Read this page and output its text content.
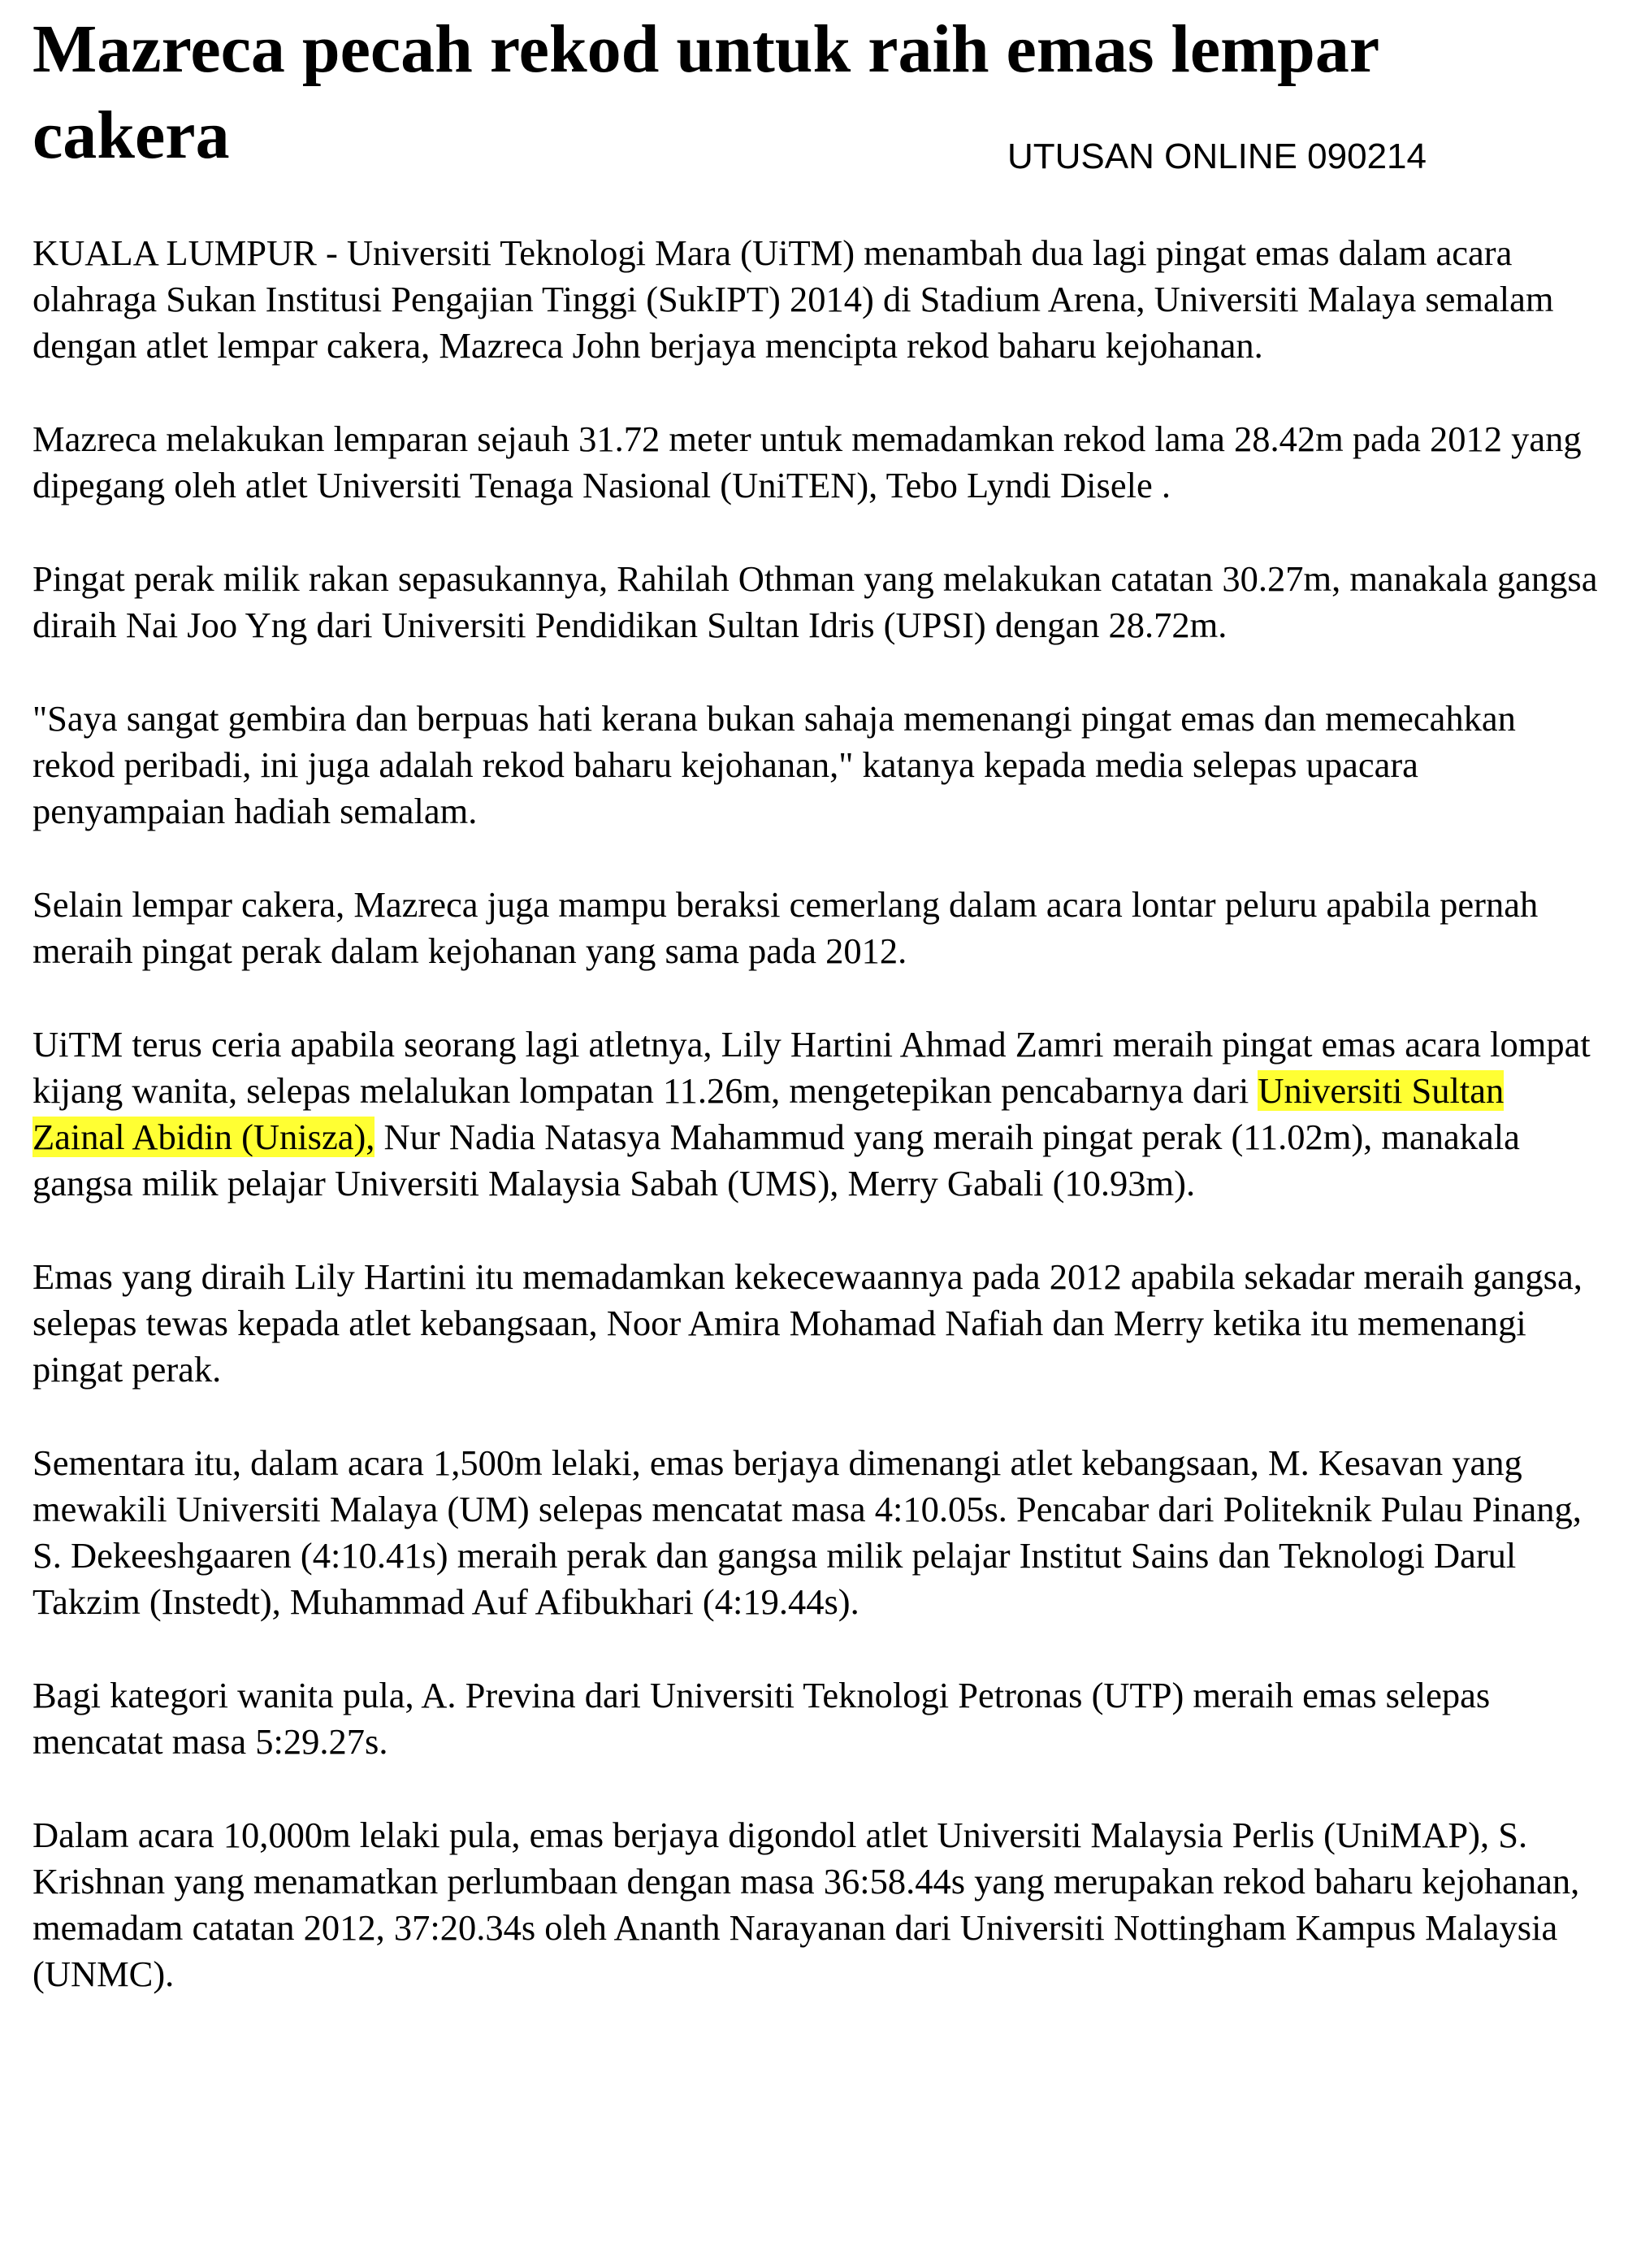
Mazreca pecah rekod untuk raih emas lempar cakera	UTUSAN ONLINE 090214

KUALA LUMPUR - Universiti Teknologi Mara (UiTM) menambah dua lagi pingat emas dalam acara olahraga Sukan Institusi Pengajian Tinggi (SukIPT) 2014) di Stadium Arena, Universiti Malaya semalam dengan atlet lempar cakera, Mazreca John berjaya mencipta rekod baharu kejohanan.

Mazreca melakukan lemparan sejauh 31.72 meter untuk memadamkan rekod lama 28.42m pada 2012 yang dipegang oleh atlet Universiti Tenaga Nasional (UniTEN), Tebo Lyndi Disele .

Pingat perak milik rakan sepasukannya, Rahilah Othman yang melakukan catatan 30.27m, manakala gangsa diraih Nai Joo Yng dari Universiti Pendidikan Sultan Idris (UPSI) dengan 28.72m.

"Saya sangat gembira dan berpuas hati kerana bukan sahaja memenangi pingat emas dan memecahkan rekod peribadi, ini juga adalah rekod baharu kejohanan," katanya kepada media selepas upacara penyampaian hadiah semalam.

Selain lempar cakera, Mazreca juga mampu beraksi cemerlang dalam acara lontar peluru apabila pernah meraih pingat perak dalam kejohanan yang sama pada 2012.

UiTM terus ceria apabila seorang lagi atletnya, Lily Hartini Ahmad Zamri meraih pingat emas acara lompat kijang wanita, selepas melalukan lompatan 11.26m, mengetepikan pencabarnya dari Universiti Sultan Zainal Abidin (Unisza), Nur Nadia Natasya Mahammud yang meraih pingat perak (11.02m), manakala gangsa milik pelajar Universiti Malaysia Sabah (UMS), Merry Gabali (10.93m).

Emas yang diraih Lily Hartini itu memadamkan kekecewaannya pada 2012 apabila sekadar meraih gangsa, selepas tewas kepada atlet kebangsaan, Noor Amira Mohamad Nafiah dan Merry ketika itu memenangi pingat perak.

Sementara itu, dalam acara 1,500m lelaki, emas berjaya dimenangi atlet kebangsaan, M. Kesavan yang mewakili Universiti Malaya (UM) selepas mencatat masa 4:10.05s. Pencabar dari Politeknik Pulau Pinang, S. Dekeeshgaaren (4:10.41s) meraih perak dan gangsa milik pelajar Institut Sains dan Teknologi Darul Takzim (Instedt), Muhammad Auf Afibukhari (4:19.44s).

Bagi kategori wanita pula, A. Previna dari Universiti Teknologi Petronas (UTP) meraih emas selepas mencatat masa 5:29.27s.

Dalam acara 10,000m lelaki pula, emas berjaya digondol atlet Universiti Malaysia Perlis (UniMAP), S. Krishnan yang menamatkan perlumbaan dengan masa 36:58.44s yang merupakan rekod baharu kejohanan, memadam catatan 2012, 37:20.34s oleh Ananth Narayanan dari Universiti Nottingham Kampus Malaysia (UNMC).
